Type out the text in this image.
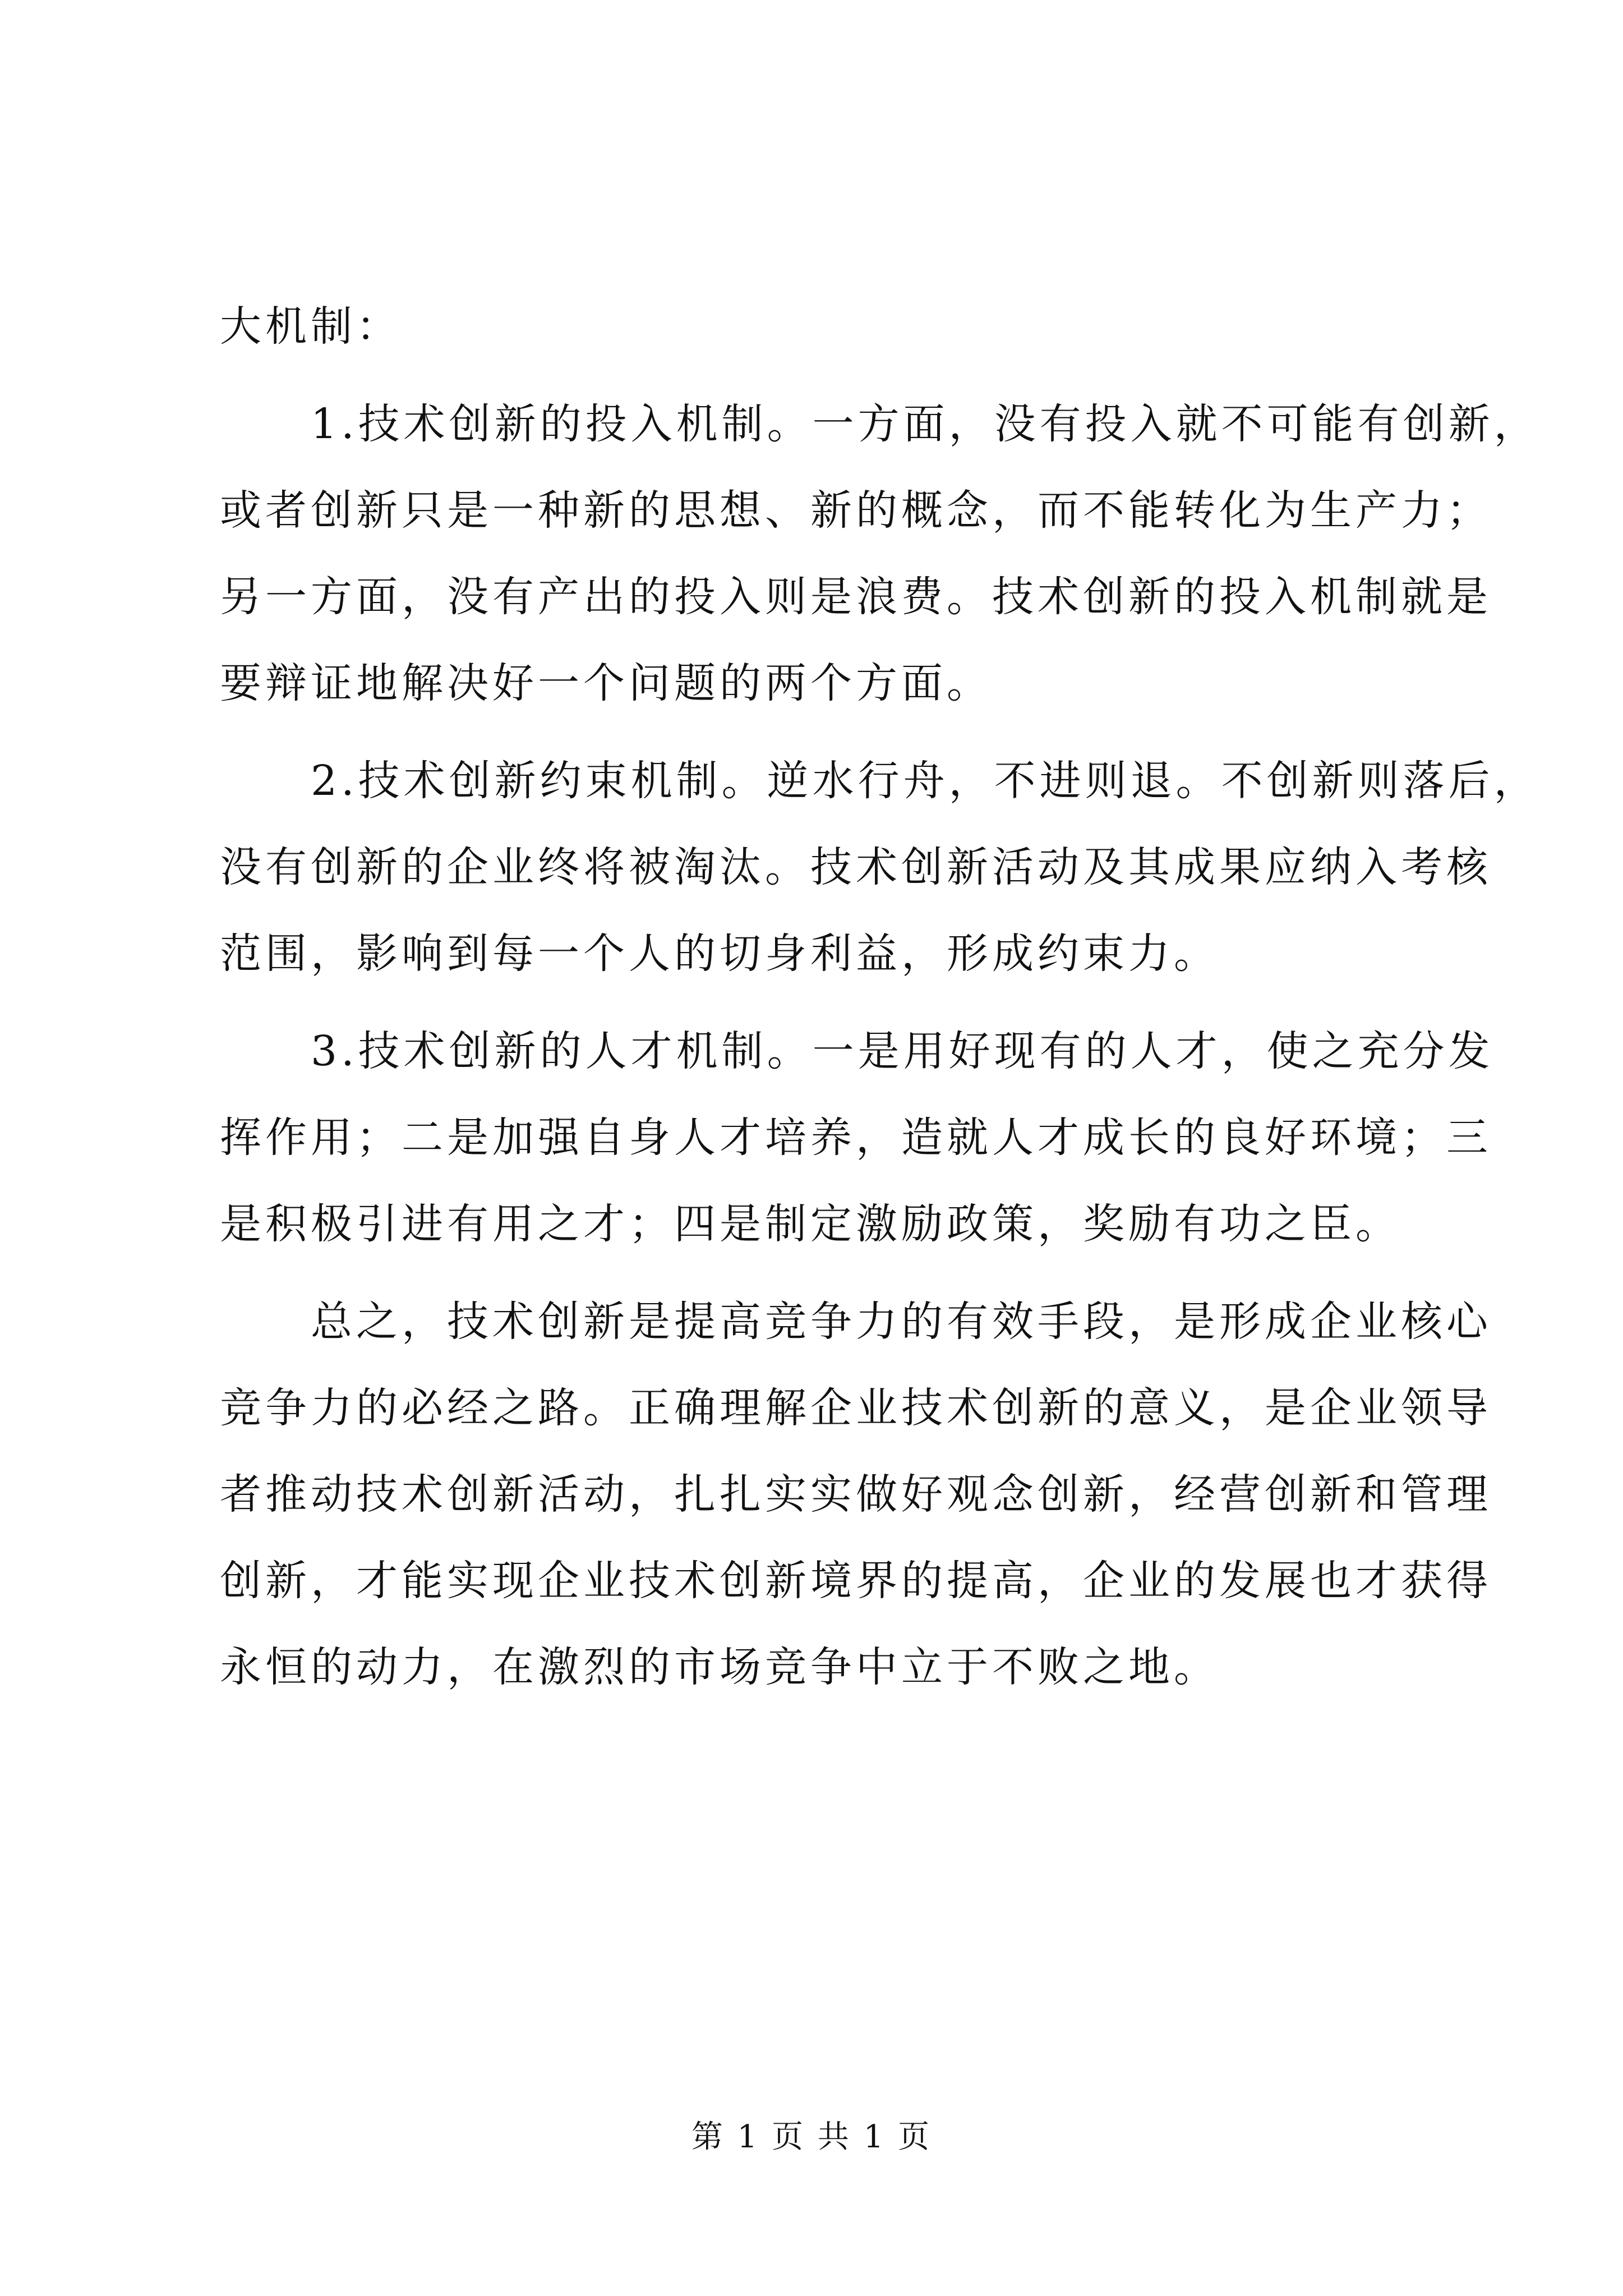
大机制：
　　1.技术创新的投入机制。一方面，没有投入就不可能有创新，
或者创新只是一种新的思想、新的概念，而不能转化为生产力；
另一方面，没有产出的投入则是浪费。技术创新的投入机制就是
要辩证地解决好一个问题的两个方面。
　　2.技术创新约束机制。逆水行舟，不进则退。不创新则落后，
没有创新的企业终将被淘汰。技术创新活动及其成果应纳入考核
范围，影响到每一个人的切身利益，形成约束力。
　　3.技术创新的人才机制。一是用好现有的人才，使之充分发
挥作用；二是加强自身人才培养，造就人才成长的良好环境；三
是积极引进有用之才；四是制定激励政策，奖励有功之臣。
　　总之，技术创新是提高竞争力的有效手段，是形成企业核心
竞争力的必经之路。正确理解企业技术创新的意义，是企业领导
者推动技术创新活动，扎扎实实做好观念创新，经营创新和管理
创新，才能实现企业技术创新境界的提高，企业的发展也才获得
永恒的动力，在激烈的市场竞争中立于不败之地。
第 1 页 共 1 页
